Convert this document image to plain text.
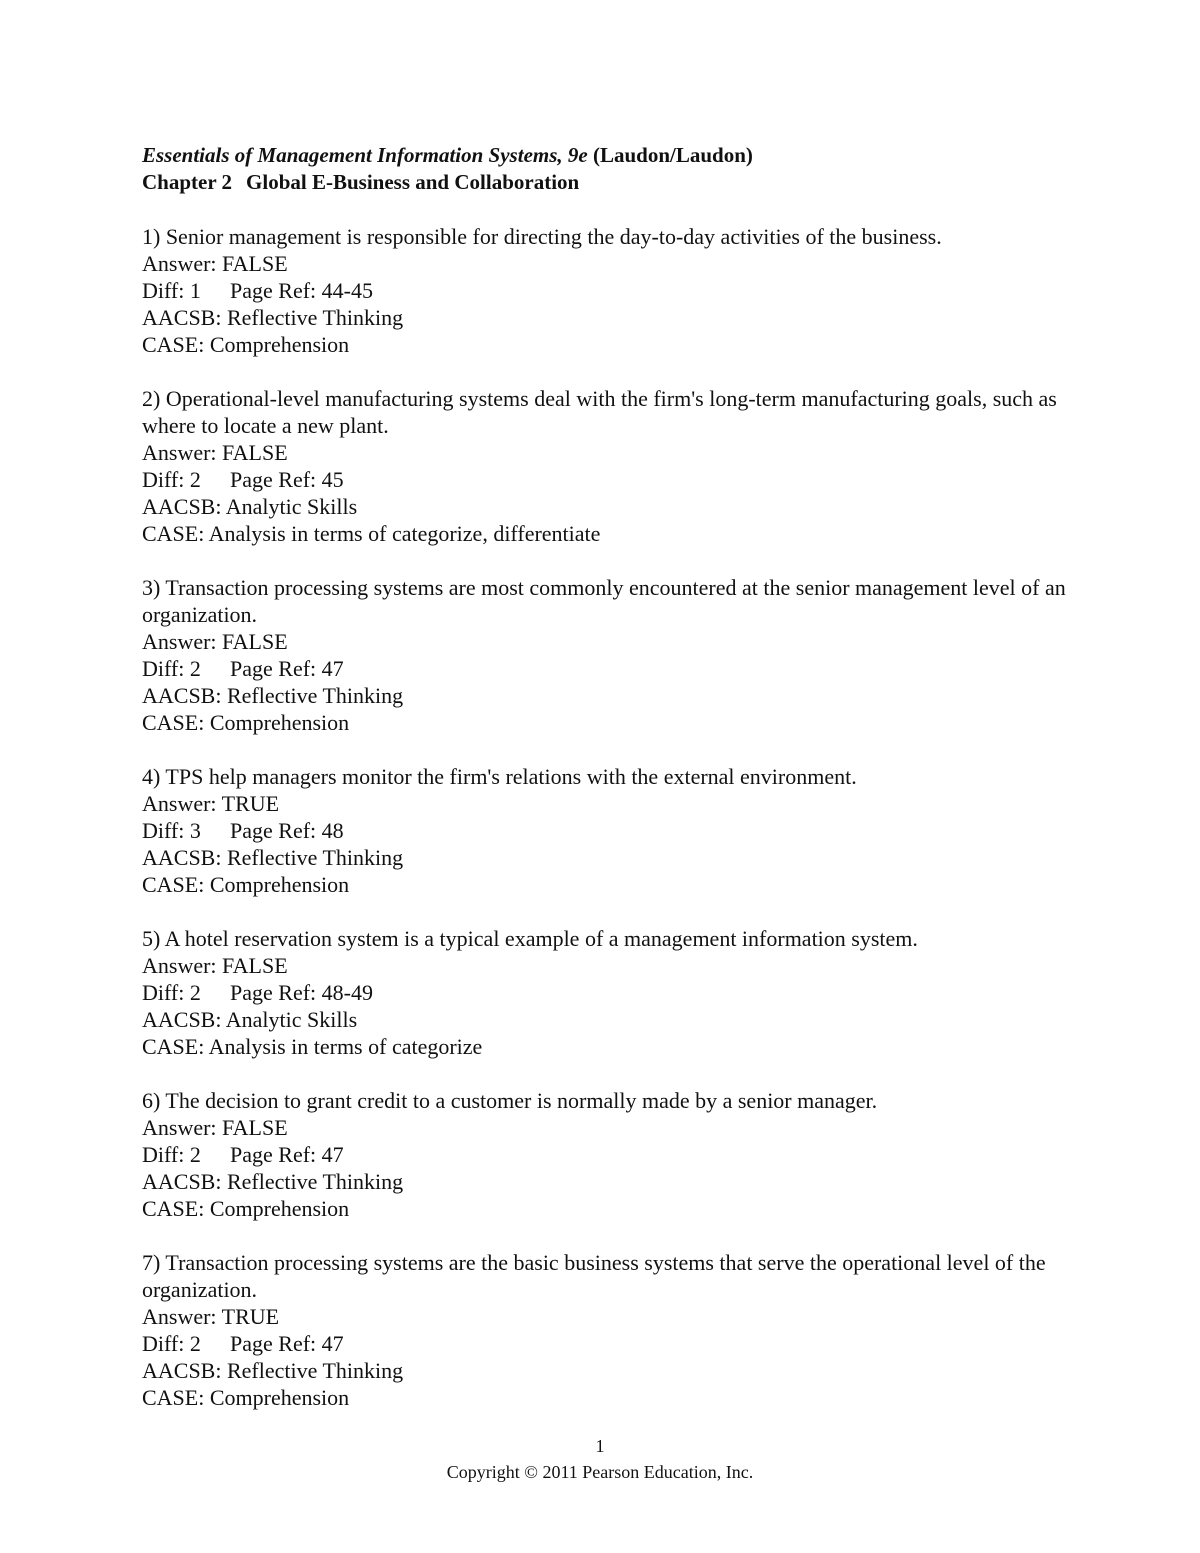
Essentials of Management Information Systems, 9e (Laudon/Laudon)
Chapter 2 Global E-Business and Collaboration

1) Senior management is responsible for directing the day-to-day activities of the business.

Answer: FALSE

Diff: 1 Page Ref: 44-45

AACSB: Reflective Thinking

CASE: Comprehension

2) Operational-level manufacturing systems deal with the firm's long-term manufacturing goals, such as where to locate a new plant.

Answer: FALSE

Diff: 2 Page Ref: 45

AACSB: Analytic Skills

CASE: Analysis in terms of categorize, differentiate

3) Transaction processing systems are most commonly encountered at the senior management level of an organization.

Answer: FALSE

Diff: 2 Page Ref: 47

AACSB: Reflective Thinking

CASE: Comprehension

4) TPS help managers monitor the firm's relations with the external environment.

Answer: TRUE

Diff: 3 Page Ref: 48

AACSB: Reflective Thinking

CASE: Comprehension

5) A hotel reservation system is a typical example of a management information system.

Answer: FALSE

Diff: 2 Page Ref: 48-49

AACSB: Analytic Skills

CASE: Analysis in terms of categorize

6) The decision to grant credit to a customer is normally made by a senior manager.

Answer: FALSE

Diff: 2 Page Ref: 47

AACSB: Reflective Thinking

CASE: Comprehension

7) Transaction processing systems are the basic business systems that serve the operational level of the organization.

Answer: TRUE

Diff: 2 Page Ref: 47

AACSB: Reflective Thinking

CASE: Comprehension

1
Copyright © 2011 Pearson Education, Inc.
